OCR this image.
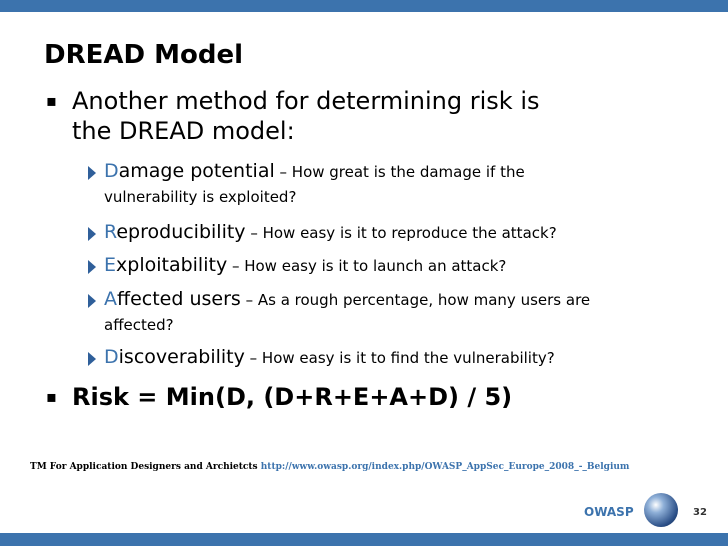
DREAD Model
▪ Another method for determining risk is
the DREAD model:
Damage potential – How great is the damage if the
vulnerability is exploited?
Reproducibility – How easy is it to reproduce the attack?
Exploitability – How easy is it to launch an attack?
Affected users – As a rough percentage, how many users are
affected?
Discoverability – How easy is it to find the vulnerability?
▪ Risk = Min(D, (D+R+E+A+D) / 5)
TM For Application Designers and Archietcts http://www.owasp.org/index.php/OWASP_AppSec_Europe_2008_-_Belgium
OWASP	32
